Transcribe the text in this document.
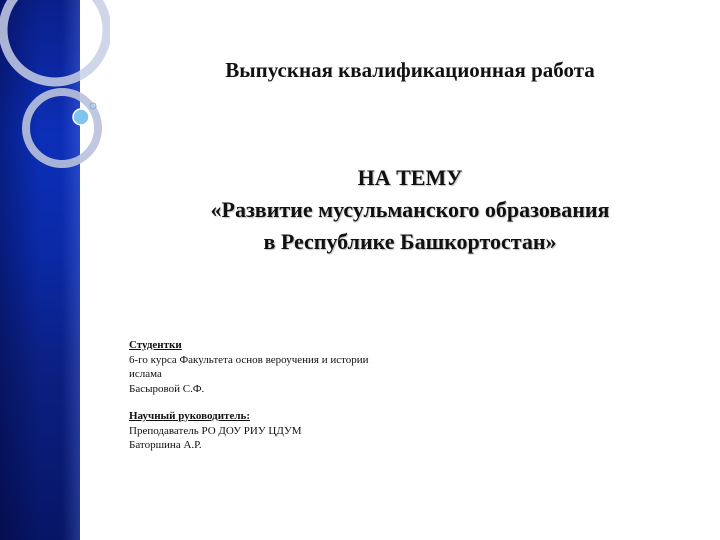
Выпускная квалификационная работа
НА ТЕМУ
«Развитие мусульманского образования
в Республике Башкортостан»
Студентки
6-го курса Факультета основ вероучения и истории
ислама
Басыровой С.Ф.
Научный руководитель:
Преподаватель РО ДОУ РИУ ЦДУМ
Баторшина А.Р.
